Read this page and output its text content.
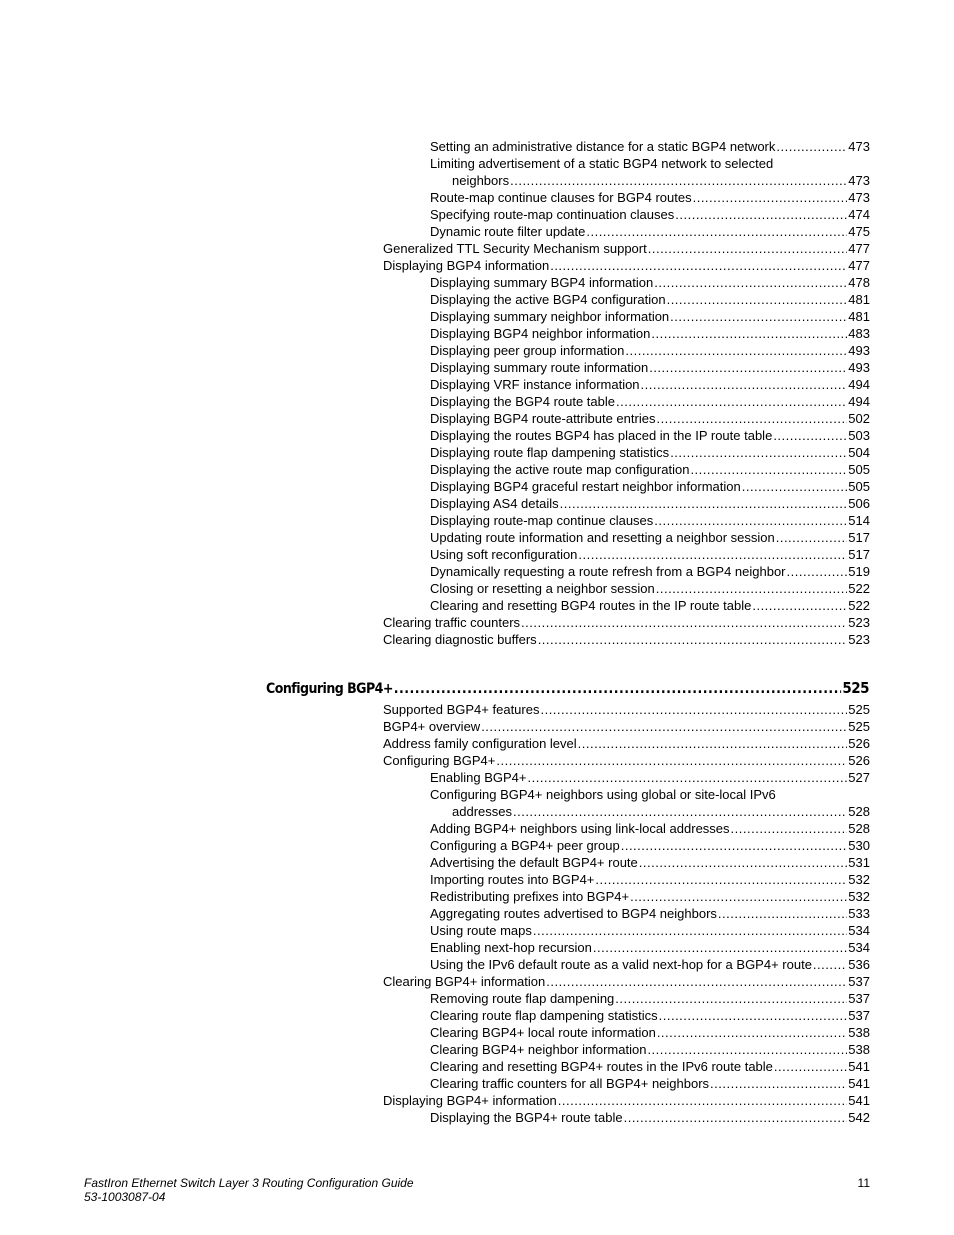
Setting an administrative distance for a static BGP4 network .....	473
Limiting advertisement of a static BGP4 network to selected
neighbors .....	473
Route-map continue clauses for BGP4 routes .....	473
Specifying route-map continuation clauses .....	474
Dynamic route filter update .....	475
Generalized TTL Security Mechanism support .....	477
Displaying BGP4 information .....	477
Displaying summary BGP4 information .....	478
Displaying the active BGP4 configuration .....	481
Displaying summary neighbor information .....	481
Displaying BGP4 neighbor information .....	483
Displaying peer group information .....	493
Displaying summary route information .....	493
Displaying VRF instance information .....	494
Displaying the BGP4 route table .....	494
Displaying BGP4 route-attribute entries .....	502
Displaying the routes BGP4 has placed in the IP route table .....	503
Displaying route flap dampening statistics .....	504
Displaying the active route map configuration .....	505
Displaying BGP4 graceful restart neighbor information .....	505
Displaying AS4 details .....	506
Displaying route-map continue clauses .....	514
Updating route information and resetting a neighbor session .....	517
Using soft reconfiguration .....	517
Dynamically requesting a route refresh from a BGP4 neighbor .....	519
Closing or resetting a neighbor session .....	522
Clearing and resetting BGP4 routes in the IP route table .....	522
Clearing traffic counters .....	523
Clearing diagnostic buffers .....	523
Configuring BGP4+ .....	525
Supported BGP4+ features .....	525
BGP4+ overview .....	525
Address family configuration level .....	526
Configuring BGP4+ .....	526
Enabling BGP4+ .....	527
Configuring BGP4+ neighbors using global or site-local IPv6
addresses .....	528
Adding BGP4+ neighbors using link-local addresses .....	528
Configuring a BGP4+ peer group .....	530
Advertising the default BGP4+ route .....	531
Importing routes into BGP4+ .....	532
Redistributing prefixes into BGP4+ .....	532
Aggregating routes advertised to BGP4 neighbors .....	533
Using route maps .....	534
Enabling next-hop recursion .....	534
Using the IPv6 default route as a valid next-hop for a BGP4+ route .....	536
Clearing BGP4+ information .....	537
Removing route flap dampening .....	537
Clearing route flap dampening statistics .....	537
Clearing BGP4+ local route information .....	538
Clearing BGP4+ neighbor information .....	538
Clearing and resetting BGP4+ routes in the IPv6 route table .....	541
Clearing traffic counters for all BGP4+ neighbors .....	541
Displaying BGP4+ information .....	541
Displaying the BGP4+ route table .....	542
FastIron Ethernet Switch Layer 3 Routing Configuration Guide
53-1003087-04
11
